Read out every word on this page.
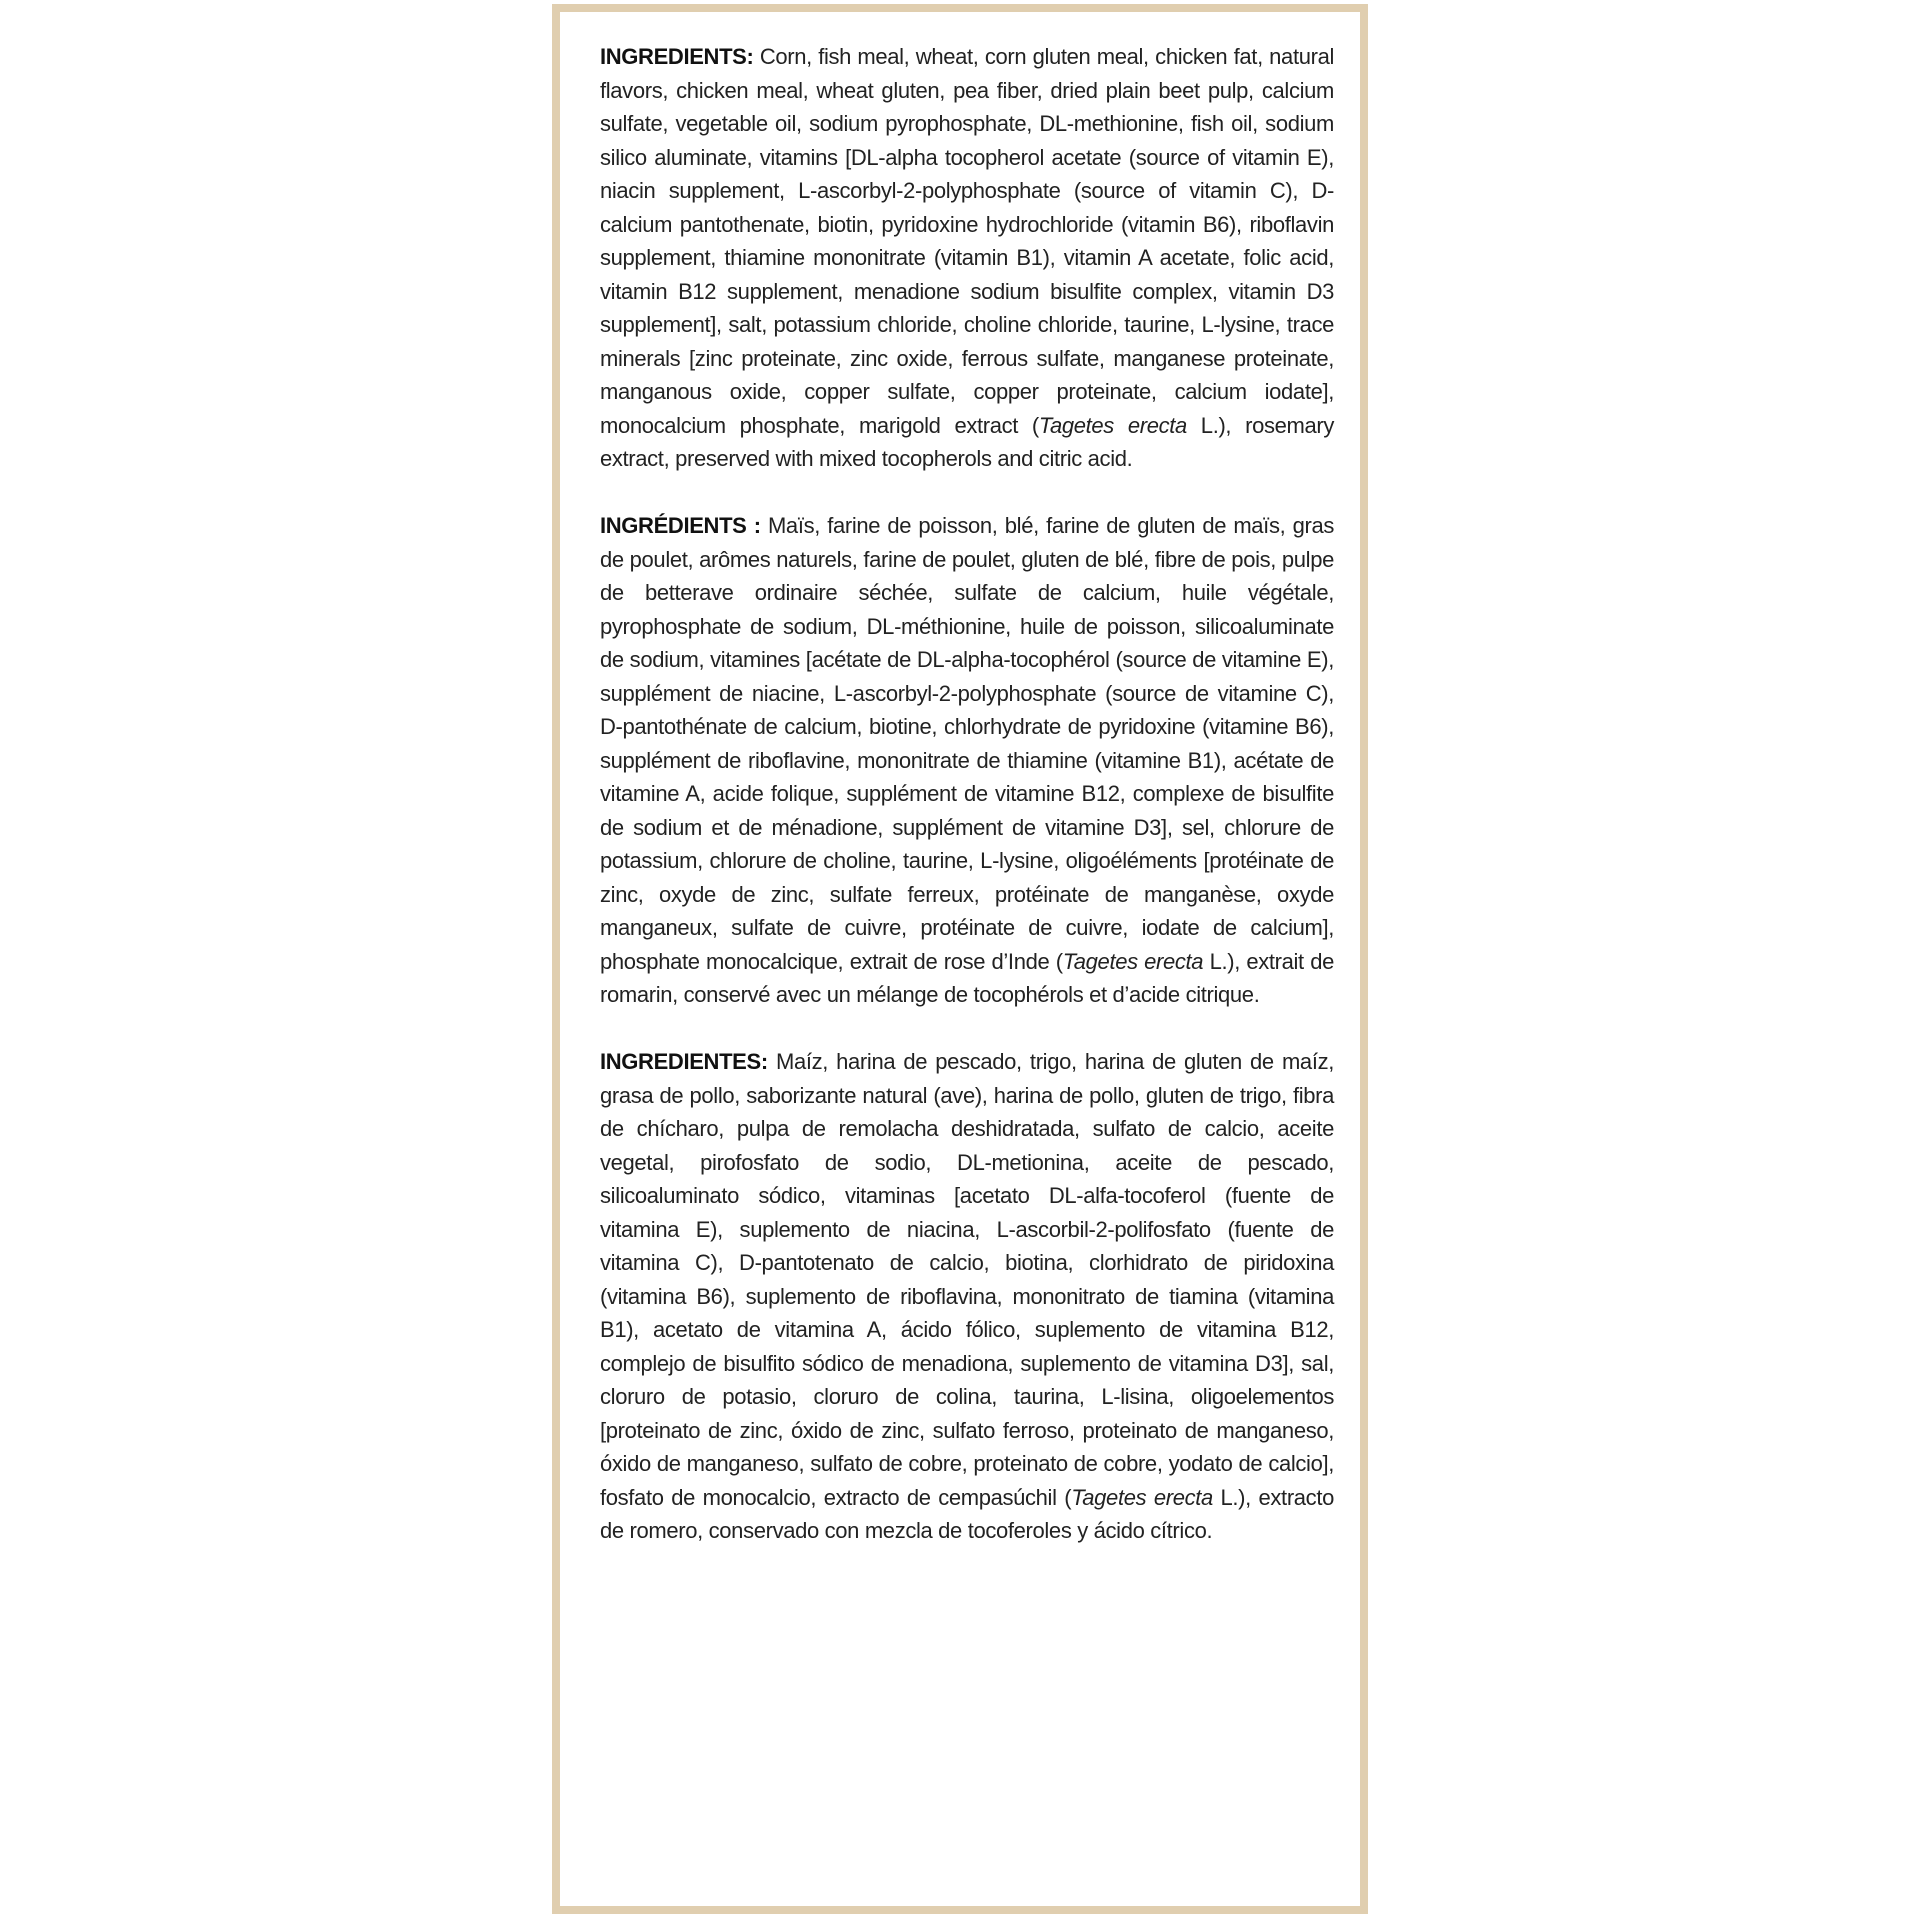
INGREDIENTS: Corn, fish meal, wheat, corn gluten meal, chicken fat, natural flavors, chicken meal, wheat gluten, pea fiber, dried plain beet pulp, calcium sulfate, vegetable oil, sodium pyrophosphate, DL-methionine, fish oil, sodium silico aluminate, vitamins [DL-alpha tocopherol acetate (source of vitamin E), niacin supplement, L-ascorbyl-2-polyphosphate (source of vitamin C), D-calcium pantothenate, biotin, pyridoxine hydrochloride (vitamin B6), riboflavin supplement, thiamine mononitrate (vitamin B1), vitamin A acetate, folic acid, vitamin B12 supplement, menadione sodium bisulfite complex, vitamin D3 supplement], salt, potassium chloride, choline chloride, taurine, L-lysine, trace minerals [zinc proteinate, zinc oxide, ferrous sulfate, manganese proteinate, manganous oxide, copper sulfate, copper proteinate, calcium iodate], monocalcium phosphate, marigold extract (Tagetes erecta L.), rosemary extract, preserved with mixed tocopherols and citric acid.

INGRÉDIENTS : Maïs, farine de poisson, blé, farine de gluten de maïs, gras de poulet, arômes naturels, farine de poulet, gluten de blé, fibre de pois, pulpe de betterave ordinaire séchée, sulfate de calcium, huile végétale, pyrophosphate de sodium, DL-méthionine, huile de poisson, silicoaluminate de sodium, vitamines [acétate de DL-alpha-tocophérol (source de vitamine E), supplément de niacine, L-ascorbyl-2-polyphosphate (source de vitamine C), D-pantothénate de calcium, biotine, chlorhydrate de pyridoxine (vitamine B6), supplément de riboflavine, mononitrate de thiamine (vitamine B1), acétate de vitamine A, acide folique, supplément de vitamine B12, complexe de bisulfite de sodium et de ménadione, supplément de vitamine D3], sel, chlorure de potassium, chlorure de choline, taurine, L-lysine, oligoéléments [protéinate de zinc, oxyde de zinc, sulfate ferreux, protéinate de manganèse, oxyde manganeux, sulfate de cuivre, protéinate de cuivre, iodate de calcium], phosphate monocalcique, extrait de rose d’Inde (Tagetes erecta L.), extrait de romarin, conservé avec un mélange de tocophérols et d’acide citrique.

INGREDIENTES: Maíz, harina de pescado, trigo, harina de gluten de maíz, grasa de pollo, saborizante natural (ave), harina de pollo, gluten de trigo, fibra de chícharo, pulpa de remolacha deshidratada, sulfato de calcio, aceite vegetal, pirofosfato de sodio, DL-metionina, aceite de pescado, silicoaluminato sódico, vitaminas [acetato DL-alfa-tocoferol (fuente de vitamina E), suplemento de niacina, L-ascorbil-2-polifosfato (fuente de vitamina C), D-pantotenato de calcio, biotina, clorhidrato de piridoxina (vitamina B6), suplemento de riboflavina, mononitrato de tiamina (vitamina B1), acetato de vitamina A, ácido fólico, suplemento de vitamina B12, complejo de bisulfito sódico de menadiona, suplemento de vitamina D3], sal, cloruro de potasio, cloruro de colina, taurina, L-lisina, oligoelementos [proteinato de zinc, óxido de zinc, sulfato ferroso, proteinato de manganeso, óxido de manganeso, sulfato de cobre, proteinato de cobre, yodato de calcio], fosfato de monocalcio, extracto de cempasúchil (Tagetes erecta L.), extracto de romero, conservado con mezcla de tocoferoles y ácido cítrico.
